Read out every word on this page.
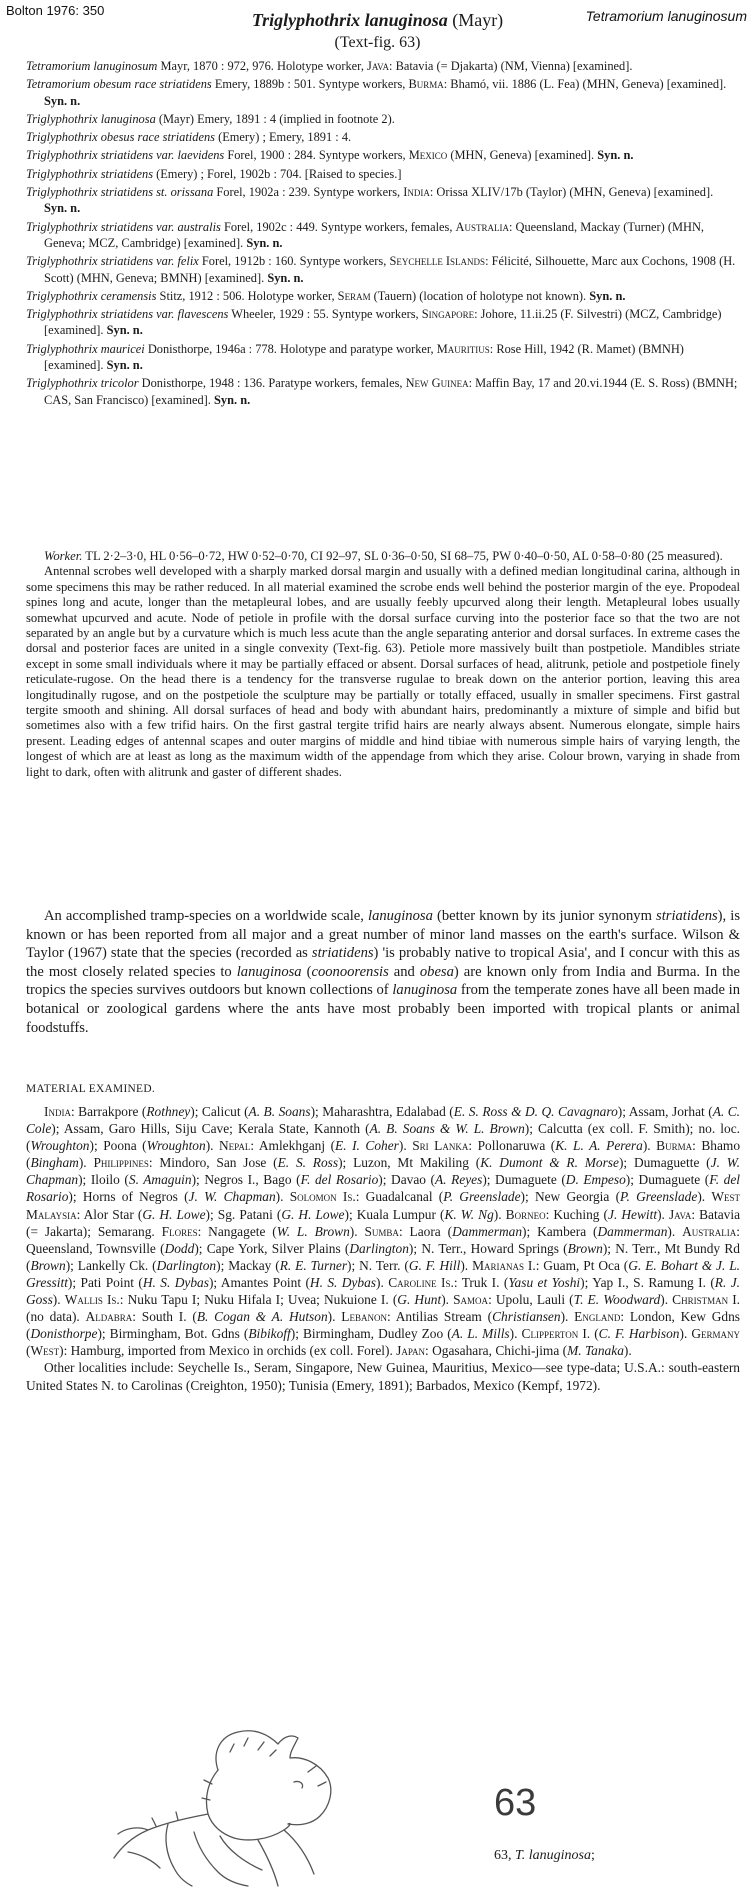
Bolton 1976: 350	Tetramorium lanuginosum
Triglyphothrix lanuginosa (Mayr)
(Text-fig. 63)

Tetramorium lanuginosum Mayr, 1870 : 972, 976. Holotype worker, Java: Batavia (= Djakarta) (NM, Vienna) [examined].

Tetramorium obesum race striatidens Emery, 1889b : 501. Syntype workers, Burma: Bhamó, vii. 1886 (L. Fea) (MHN, Geneva) [examined]. Syn. n.

Triglyphothrix lanuginosa (Mayr) Emery, 1891 : 4 (implied in footnote 2).

Triglyphothrix obesus race striatidens (Emery) ; Emery, 1891 : 4.

Triglyphothrix striatidens var. laevidens Forel, 1900 : 284. Syntype workers, Mexico (MHN, Geneva) [examined]. Syn. n.

Triglyphothrix striatidens (Emery) ; Forel, 1902b : 704. [Raised to species.]

Triglyphothrix striatidens st. orissana Forel, 1902a : 239. Syntype workers, India: Orissa XLIV/17b (Taylor) (MHN, Geneva) [examined]. Syn. n.

Triglyphothrix striatidens var. australis Forel, 1902c : 449. Syntype workers, females, Australia: Queensland, Mackay (Turner) (MHN, Geneva; MCZ, Cambridge) [examined]. Syn. n.

Triglyphothrix striatidens var. felix Forel, 1912b : 160. Syntype workers, Seychelle Islands: Félicité, Silhouette, Marc aux Cochons, 1908 (H. Scott) (MHN, Geneva; BMNH) [examined]. Syn. n.

Triglyphothrix ceramensis Stitz, 1912 : 506. Holotype worker, Seram (Tauern) (location of holotype not known). Syn. n.

Triglyphothrix striatidens var. flavescens Wheeler, 1929 : 55. Syntype workers, Singapore: Johore, 11.ii.25 (F. Silvestri) (MCZ, Cambridge) [examined]. Syn. n.

Triglyphothrix mauricei Donisthorpe, 1946a : 778. Holotype and paratype worker, Mauritius: Rose Hill, 1942 (R. Mamet) (BMNH) [examined]. Syn. n.

Triglyphothrix tricolor Donisthorpe, 1948 : 136. Paratype workers, females, New Guinea: Maffin Bay, 17 and 20.vi.1944 (E. S. Ross) (BMNH; CAS, San Francisco) [examined]. Syn. n.

Worker. TL 2·2–3·0, HL 0·56–0·72, HW 0·52–0·70, CI 92–97, SL 0·36–0·50, SI 68–75, PW 0·40–0·50, AL 0·58–0·80 (25 measured).

Antennal scrobes well developed with a sharply marked dorsal margin and usually with a defined median longitudinal carina, although in some specimens this may be rather reduced. In all material examined the scrobe ends well behind the posterior margin of the eye. Propodeal spines long and acute, longer than the metapleural lobes, and are usually feebly upcurved along their length. Metapleural lobes usually somewhat upcurved and acute. Node of petiole in profile with the dorsal surface curving into the posterior face so that the two are not separated by an angle but by a curvature which is much less acute than the angle separating anterior and dorsal surfaces. In extreme cases the dorsal and posterior faces are united in a single convexity (Text-fig. 63). Petiole more massively built than postpetiole. Mandibles striate except in some small individuals where it may be partially effaced or absent. Dorsal surfaces of head, alitrunk, petiole and postpetiole finely reticulate-rugose. On the head there is a tendency for the transverse rugulae to break down on the anterior portion, leaving this area longitudinally rugose, and on the postpetiole the sculpture may be partially or totally effaced, usually in smaller specimens. First gastral tergite smooth and shining. All dorsal surfaces of head and body with abundant hairs, predominantly a mixture of simple and bifid but sometimes also with a few trifid hairs. On the first gastral tergite trifid hairs are nearly always absent. Numerous elongate, simple hairs present. Leading edges of antennal scapes and outer margins of middle and hind tibiae with numerous simple hairs of varying length, the longest of which are at least as long as the maximum width of the appendage from which they arise. Colour brown, varying in shade from light to dark, often with alitrunk and gaster of different shades.

An accomplished tramp-species on a worldwide scale, lanuginosa (better known by its junior synonym striatidens), is known or has been reported from all major and a great number of minor land masses on the earth's surface. Wilson & Taylor (1967) state that the species (recorded as striatidens) 'is probably native to tropical Asia', and I concur with this as the most closely related species to lanuginosa (coonoorensis and obesa) are known only from India and Burma. In the tropics the species survives outdoors but known collections of lanuginosa from the temperate zones have all been made in botanical or zoological gardens where the ants have most probably been imported with tropical plants or animal foodstuffs.

MATERIAL EXAMINED.

India: Barrakpore (Rothney); Calicut (A. B. Soans); Maharashtra, Edalabad (E. S. Ross & D. Q. Cavagnaro); Assam, Jorhat (A. C. Cole); Assam, Garo Hills, Siju Cave; Kerala State, Kannoth (A. B. Soans & W. L. Brown); Calcutta (ex coll. F. Smith); no. loc. (Wroughton); Poona (Wroughton). Nepal: Amlekhganj (E. I. Coher). Sri Lanka: Pollonaruwa (K. L. A. Perera). Burma: Bhamo (Bingham). Philippines: Mindoro, San Jose (E. S. Ross); Luzon, Mt Makiling (K. Dumont & R. Morse); Dumaguette (J. W. Chapman); Iloilo (S. Amaguin); Negros I., Bago (F. del Rosario); Davao (A. Reyes); Dumaguete (D. Empeso); Dumaguete (F. del Rosario); Horns of Negros (J. W. Chapman). Solomon Is.: Guadalcanal (P. Greenslade); New Georgia (P. Greenslade). West Malaysia: Alor Star (G. H. Lowe); Sg. Patani (G. H. Lowe); Kuala Lumpur (K. W. Ng). Borneo: Kuching (J. Hewitt). Java: Batavia (= Jakarta); Semarang. Flores: Nangagete (W. L. Brown). Sumba: Laora (Dammerman); Kambera (Dammerman). Australia: Queensland, Townsville (Dodd); Cape York, Silver Plains (Darlington); N. Terr., Howard Springs (Brown); N. Terr., Mt Bundy Rd (Brown); Lankelly Ck. (Darlington); Mackay (R. E. Turner); N. Terr. (G. F. Hill). Marianas I.: Guam, Pt Oca (G. E. Bohart & J. L. Gressitt); Pati Point (H. S. Dybas); Amantes Point (H. S. Dybas). Caroline Is.: Truk I. (Yasu et Yoshi); Yap I., S. Ramung I. (R. J. Goss). Wallis Is.: Nuku Tapu I; Nuku Hifala I; Uvea; Nukuione I. (G. Hunt). Samoa: Upolu, Lauli (T. E. Woodward). Christman I. (no data). Aldabra: South I. (B. Cogan & A. Hutson). Lebanon: Antilias Stream (Christiansen). England: London, Kew Gdns (Donisthorpe); Birmingham, Bot. Gdns (Bibikoff); Birmingham, Dudley Zoo (A. L. Mills). Clipperton I. (C. F. Harbison). Germany (West): Hamburg, imported from Mexico in orchids (ex coll. Forel). Japan: Ogasahara, Chichi-jima (M. Tanaka).

Other localities include: Seychelle Is., Seram, Singapore, New Guinea, Mauritius, Mexico—see type-data; U.S.A.: south-eastern United States N. to Carolinas (Creighton, 1950); Tunisia (Emery, 1891); Barbados, Mexico (Kempf, 1972).

63
63, T. lanuginosa;
